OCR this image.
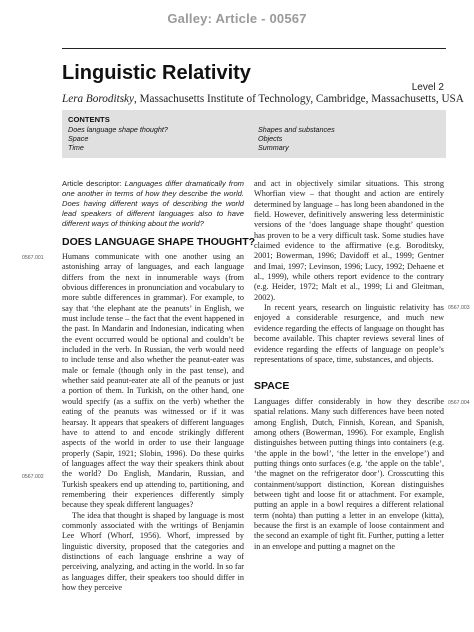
Galley: Article - 00567
Level 2
Linguistic Relativity
Lera Boroditsky, Massachusetts Institute of Technology, Cambridge, Massachusetts, USA
CONTENTS
Does language shape thought?
Space
Time
Shapes and substances
Objects
Summary
Article descriptor: Languages differ dramatically from one another in terms of how they describe the world. Does having different ways of describing the world lead speakers of different languages also to have different ways of thinking about the world?
DOES LANGUAGE SHAPE THOUGHT?

Humans communicate with one another using an astonishing array of languages, and each language differs from the next in innumerable ways (from obvious differences in pronunciation and vocabulary to more subtle differences in grammar). For example, to say that ‘the elephant ate the peanuts’ in English, we must include tense – the fact that the event happened in the past. In Mandarin and Indonesian, indicating when the event occurred would be optional and couldn’t be included in the verb. In Russian, the verb would need to include tense and also whether the peanut-eater was male or female (though only in the past tense), and whether said peanut-eater ate all of the peanuts or just a portion of them. In Turkish, on the other hand, one would specify (as a suffix on the verb) whether the eating of the peanuts was witnessed or if it was hearsay. It appears that speakers of different languages have to attend to and encode strikingly different aspects of the world in order to use their language properly (Sapir, 1921; Slobin, 1996). Do these quirks of languages affect the way their speakers think about the world? Do English, Mandarin, Russian, and Turkish speakers end up attending to, partitioning, and remembering their experiences differently simply because they speak different languages?

The idea that thought is shaped by language is most commonly associated with the writings of Benjamin Lee Whorf (Whorf, 1956). Whorf, impressed by linguistic diversity, proposed that the categories and distinctions of each language enshrine a way of perceiving, analyzing, and acting in the world. In so far as languages differ, their speakers too should differ in how they perceive

and act in objectively similar situations. This strong Whorfian view – that thought and action are entirely determined by language – has long been abandoned in the field. However, definitively answering less deterministic versions of the ‘does language shape thought’ question has proven to be a very difficult task. Some studies have claimed evidence to the affirmative (e.g. Boroditsky, 2001; Bowerman, 1996; Davidoff et al., 1999; Gentner and Imai, 1997; Levinson, 1996; Lucy, 1992; Dehaene et al., 1999), while others report evidence to the contrary (e.g. Heider, 1972; Malt et al., 1999; Li and Gleitman, 2002).

In recent years, research on linguistic relativity has enjoyed a considerable resurgence, and much new evidence regarding the effects of language on thought has become available. This chapter reviews several lines of evidence regarding the effects of language on people’s representations of space, time, substances, and objects.

SPACE

Languages differ considerably in how they describe spatial relations. Many such differences have been noted among English, Dutch, Finnish, Korean, and Spanish, among others (Bowerman, 1996). For example, English distinguishes between putting things into containers (e.g. ‘the apple in the bowl’, ‘the letter in the envelope’) and putting things onto surfaces (e.g. ‘the apple on the table’, ‘the magnet on the refrigerator door’). Crosscutting this containment/support distinction, Korean distinguishes between tight and loose fit or attachment. For example, putting an apple in a bowl requires a different relational term (nohta) than putting a letter in an envelope (kitta), because the first is an example of loose containment and the second an example of tight fit. Further, putting a letter in an envelope and putting a magnet on the

0567.001
0567.002
0567.003
0567.004
